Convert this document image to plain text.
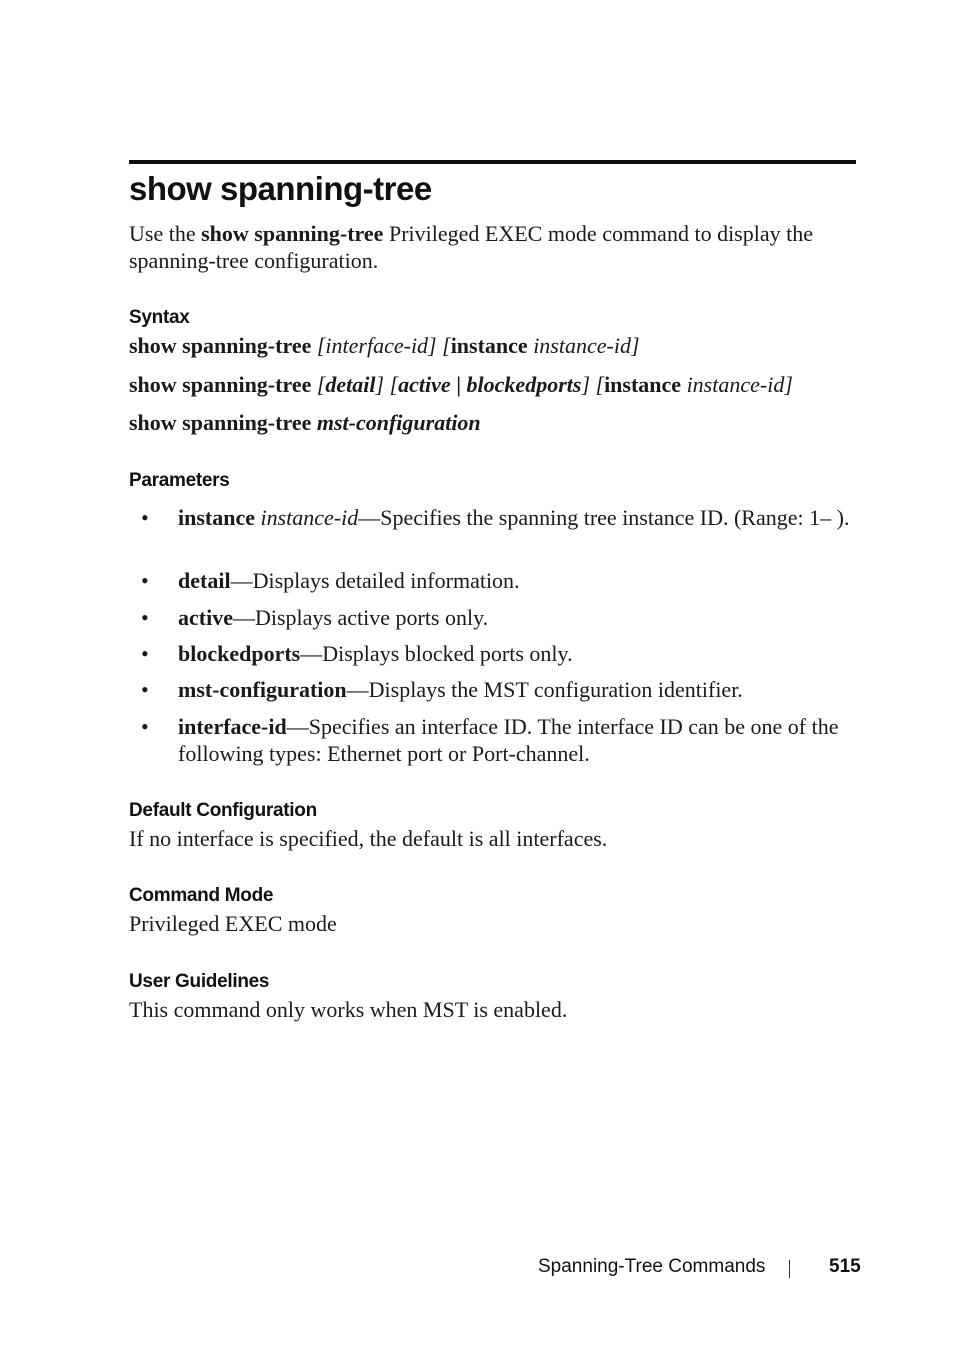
show spanning-tree

Use the show spanning-tree Privileged EXEC mode command to display the spanning-tree configuration.

Syntax

show spanning-tree [interface-id] [instance instance-id]

show spanning-tree [detail] [active | blockedports] [instance instance-id]

show spanning-tree mst-configuration

Parameters
• instance instance-id—Specifies the spanning tree instance ID. (Range: 1– ).

• detail—Displays detailed information.

• active—Displays active ports only.

• blockedports—Displays blocked ports only.

• mst-configuration—Displays the MST configuration identifier.

• interface-id—Specifies an interface ID. The interface ID can be one of the following types: Ethernet port or Port-channel.

Default Configuration

If no interface is specified, the default is all interfaces.

Command Mode

Privileged EXEC mode

User Guidelines

This command only works when MST is enabled.

Spanning-Tree Commands	515
